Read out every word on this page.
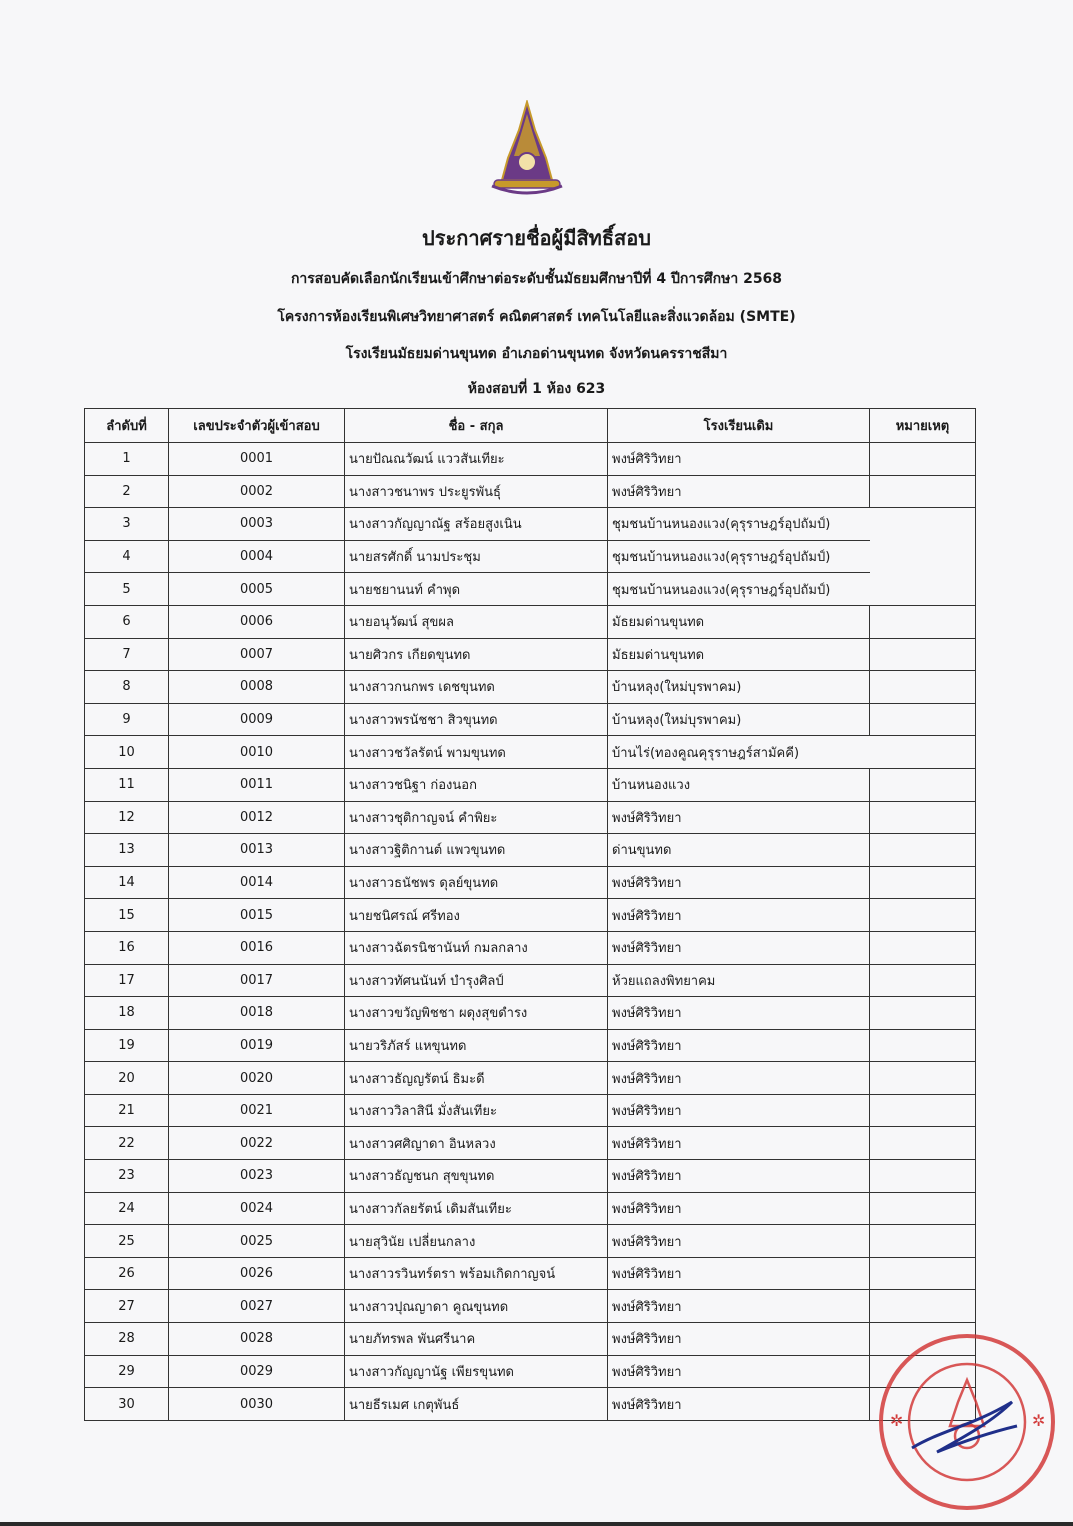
ประกาศรายชื่อผู้มีสิทธิ์สอบ
การสอบคัดเลือกนักเรียนเข้าศึกษาต่อระดับชั้นมัธยมศึกษาปีที่ 4 ปีการศึกษา 2568
โครงการห้องเรียนพิเศษวิทยาศาสตร์ คณิตศาสตร์ เทคโนโลยีและสิ่งแวดล้อม (SMTE)
โรงเรียนมัธยมด่านขุนทด อำเภอด่านขุนทด จังหวัดนครราชสีมา
ห้องสอบที่ 1 ห้อง 623
ลำดับที่	เลขประจำตัวผู้เข้าสอบ	ชื่อ - สกุล	โรงเรียนเดิม	หมายเหตุ
1	0001	นายปัณณวัฒน์ แววสันเทียะ	พงษ์ศิริวิทยา	
2	0002	นางสาวชนาพร ประยูรพันธุ์	พงษ์ศิริวิทยา	
3	0003	นางสาวกัญญาณัฐ สร้อยสูงเนิน	ชุมชนบ้านหนองแวง(คุรุราษฎร์อุปถัมป์)	
4	0004	นายสรศักดิ์ นามประชุม	ชุมชนบ้านหนองแวง(คุรุราษฎร์อุปถัมป์)	
5	0005	นายชยานนท์ คำพุด	ชุมชนบ้านหนองแวง(คุรุราษฎร์อุปถัมป์)	
6	0006	นายอนุวัฒน์ สุขผล	มัธยมด่านขุนทด	
7	0007	นายศิวกร เกียดขุนทด	มัธยมด่านขุนทด	
8	0008	นางสาวกนกพร เดชขุนทด	บ้านหลุง(ใหม่บุรพาคม)	
9	0009	นางสาวพรนัชชา สิวขุนทด	บ้านหลุง(ใหม่บุรพาคม)	
10	0010	นางสาวชวัลรัตน์ พามขุนทด	บ้านไร่(ทองคูณคุรุราษฎร์สามัคคี)	
11	0011	นางสาวชนิฐา ก่องนอก	บ้านหนองแวง	
12	0012	นางสาวชุติกาญจน์ คำพิยะ	พงษ์ศิริวิทยา	
13	0013	นางสาวฐิติกานต์ แพวขุนทด	ด่านขุนทด	
14	0014	นางสาวธนัชพร ดุลย์ขุนทด	พงษ์ศิริวิทยา	
15	0015	นายชนิศรณ์ ศรีทอง	พงษ์ศิริวิทยา	
16	0016	นางสาวฉัตรนิชานันท์ กมลกลาง	พงษ์ศิริวิทยา	
17	0017	นางสาวทัศนนันท์ บำรุงศิลป์	ห้วยแถลงพิทยาคม	
18	0018	นางสาวขวัญพิชชา ผดุงสุขดำรง	พงษ์ศิริวิทยา	
19	0019	นายวริภัสร์ แหขุนทด	พงษ์ศิริวิทยา	
20	0020	นางสาวธัญญรัตน์ ธิมะดี	พงษ์ศิริวิทยา	
21	0021	นางสาววิลาสินี มั่งสันเทียะ	พงษ์ศิริวิทยา	
22	0022	นางสาวศศิญาดา อินหลวง	พงษ์ศิริวิทยา	
23	0023	นางสาวธัญชนก สุขขุนทด	พงษ์ศิริวิทยา	
24	0024	นางสาวกัลยรัตน์ เดิมสันเทียะ	พงษ์ศิริวิทยา	
25	0025	นายสุวินัย เปลี่ยนกลาง	พงษ์ศิริวิทยา	
26	0026	นางสาวรวินทร์ตรา พร้อมเกิดกาญจน์	พงษ์ศิริวิทยา	
27	0027	นางสาวปุณญาดา คูณขุนทด	พงษ์ศิริวิทยา	
28	0028	นายภัทรพล พันศรีนาค	พงษ์ศิริวิทยา	
29	0029	นางสาวกัญญานัฐ เพียรขุนทด	พงษ์ศิริวิทยา	
30	0030	นายธีรเมศ เกตุพันธ์	พงษ์ศิริวิทยา	
✲	✲
